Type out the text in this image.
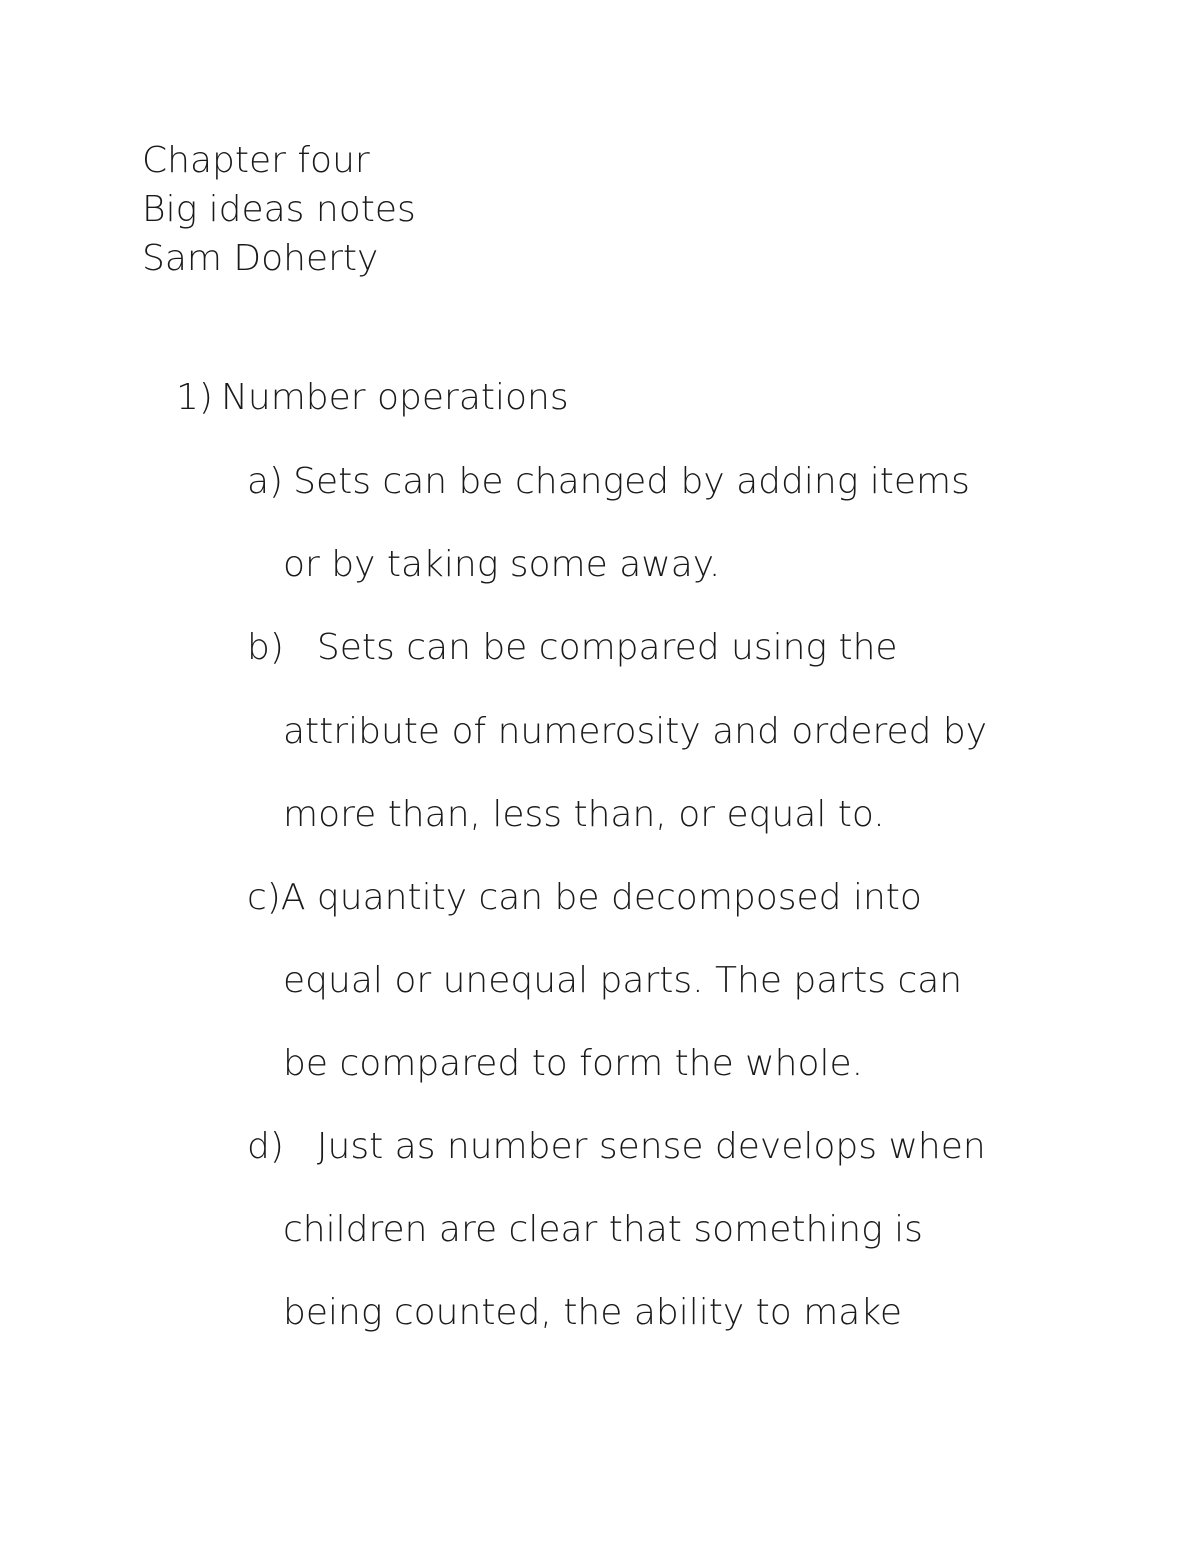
Chapter four
Big ideas notes
Sam Doherty
1) Number operations
a) Sets can be changed by adding items
or by taking some away.
b) Sets can be compared using the
attribute of numerosity and ordered by
more than, less than, or equal to.
c)A quantity can be decomposed into
equal or unequal parts. The parts can
be compared to form the whole.
d) Just as number sense develops when
children are clear that something is
being counted, the ability to make
